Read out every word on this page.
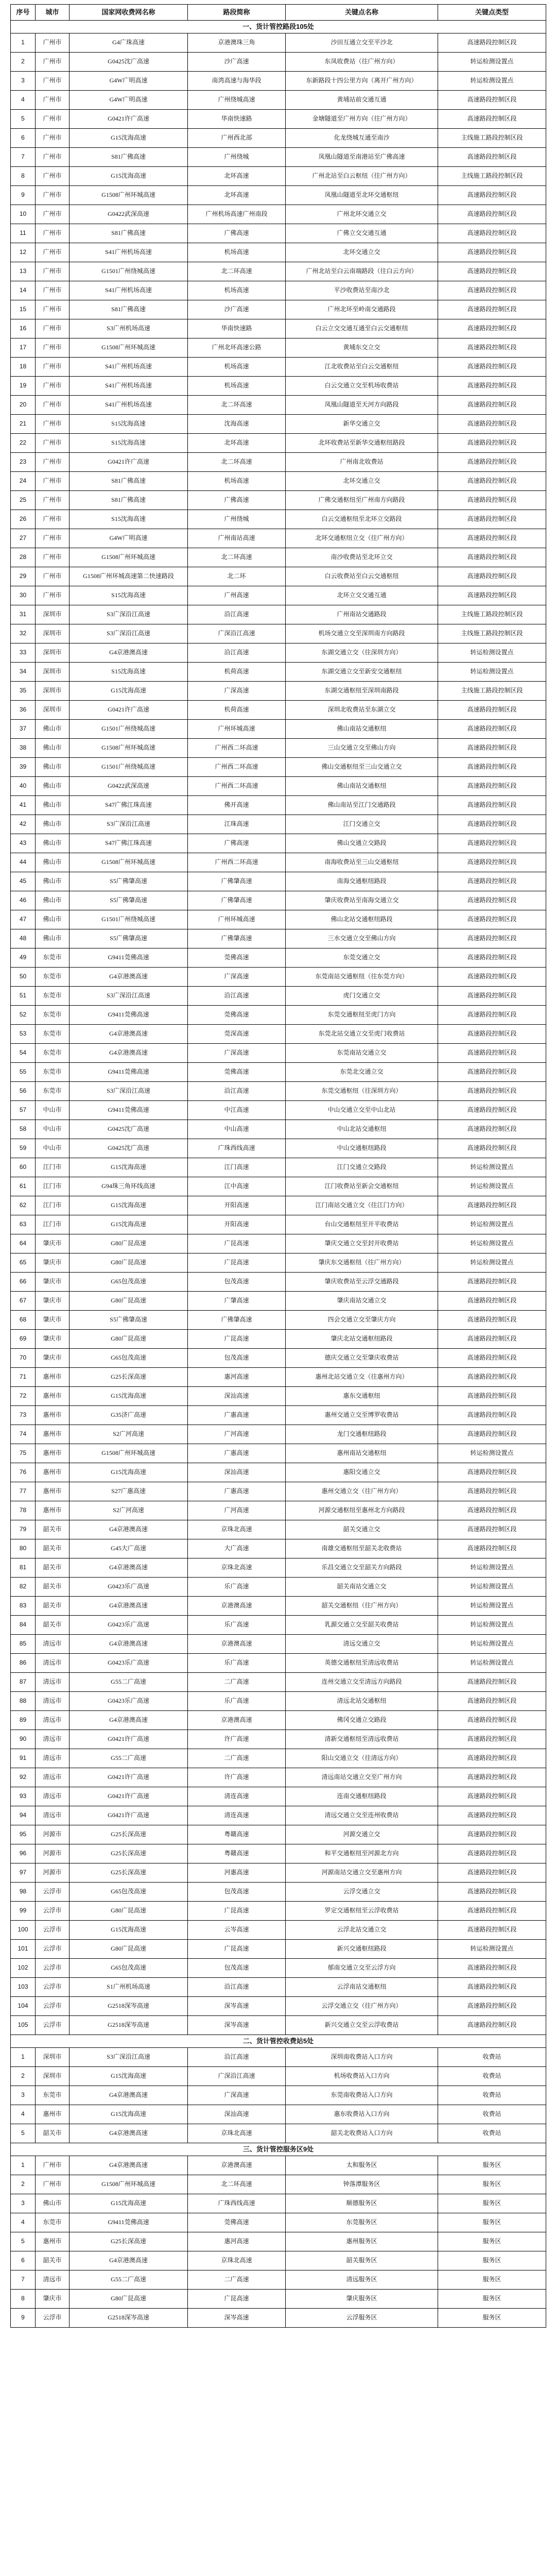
序号	城市	国家网收费网名称	路段简称	关键点名称	关键点类型
一、货计管控路段105处					
1	广州市	G4广珠高速	京港澳珠三角	沙田互通立交至平沙北	高速路段控制区段
2	广州市	G0425沈广高速	沙广高速	东凤收费站（往广州方向）	转运检测设置点
3	广州市	G4W广明高速	南湾高速与海华段	东新路段十四公里方向（离开广州方向）	转运检测设置点
4	广州市	G4W广明高速	广州绕城高速	黄埔站前交通互通	高速路段控制区段
5	广州市	G0421许广高速	华南快速路	金塘隧道至广州方向（往广州方向）	高速路段控制区段
6	广州市	G15沈海高速	广州西北部	化龙绕城互通至南沙	主线施工路段控制区段
7	广州市	S81广佛高速	广州绕城	凤凰山隧道至南港站至广佛高速	高速路段控制区段
8	广州市	G15沈海高速	北环高速	广州北站至白云枢纽（往广州方向）	主线施工路段控制区段
9	广州市	G1508广州环城高速	北环高速	凤凰山隧道至北环交通枢纽	高速路段控制区段
10	广州市	G0422武深高速	广州机场高速广州南段	广州北环交通立交	高速路段控制区段
11	广州市	S81广佛高速	广佛高速	广佛立交交通互通	高速路段控制区段
12	广州市	S41广州机场高速	机场高速	北环交通立交	高速路段控制区段
13	广州市	G1501广州绕城高速	北二环高速	广州北站至白云南端路段（往白云方向）	高速路段控制区段
14	广州市	S41广州机场高速	机场高速	平沙收费站至南沙北	高速路段控制区段
15	广州市	S81广佛高速	沙广高速	广州北环至岭南交通路段	高速路段控制区段
16	广州市	S3广州机场高速	华南快速路	白云立交交通互通至白云交通枢纽	高速路段控制区段
17	广州市	G1508广州环城高速	广州北环高速公路	黄埔东交立交	高速路段控制区段
18	广州市	S41广州机场高速	机场高速	江北收费站至白云交通枢纽	高速路段控制区段
19	广州市	S41广州机场高速	机场高速	白云交通立交至机场收费站	高速路段控制区段
20	广州市	S41广州机场高速	北二环高速	凤凰山隧道至天河方向路段	高速路段控制区段
21	广州市	S15沈海高速	沈海高速	新华交通立交	高速路段控制区段
22	广州市	S15沈海高速	北环高速	北环收费站至新华交通枢纽路段	高速路段控制区段
23	广州市	G0421许广高速	北二环高速	广州南北收费站	高速路段控制区段
24	广州市	S81广佛高速	机场高速	北环交通立交	高速路段控制区段
25	广州市	S81广佛高速	广佛高速	广佛交通枢纽至广州南方向路段	高速路段控制区段
26	广州市	S15沈海高速	广州绕城	白云交通枢纽至北环立交路段	高速路段控制区段
27	广州市	G4W广明高速	广州南站高速	北环交通枢纽立交（往广州方向）	高速路段控制区段
28	广州市	G1508广州环城高速	北二环高速	南沙收费站至北环立交	高速路段控制区段
29	广州市	G1508广州环城高速第二快速路段	北二环	白云收费站至白云交通枢纽	高速路段控制区段
30	广州市	S15沈海高速	广州高速	北环立交交通互通	高速路段控制区段
31	深圳市	S3广深沿江高速	沿江高速	广州南站交通路段	主线施工路段控制区段
32	深圳市	S3广深沿江高速	广深沿江高速	机场交通立交至深圳南方向路段	主线施工路段控制区段
33	深圳市	G4京港澳高速	沿江高速	东湖交通立交（往深圳方向）	转运检测设置点
34	深圳市	S15沈海高速	机荷高速	东湖交通立交至新安交通枢纽	转运检测设置点
35	深圳市	G15沈海高速	广深高速	东湖交通枢纽至深圳南路段	主线施工路段控制区段
36	深圳市	G0421许广高速	机荷高速	深圳北收费站至东湖立交	高速路段控制区段
37	佛山市	G1501广州绕城高速	广州环城高速	佛山南站交通枢纽	高速路段控制区段
38	佛山市	G1508广州环城高速	广州西二环高速	三山交通立交至佛山方向	高速路段控制区段
39	佛山市	G1501广州绕城高速	广州西二环高速	佛山交通枢纽至三山交通立交	高速路段控制区段
40	佛山市	G0422武深高速	广州西二环高速	佛山南站交通枢纽	高速路段控制区段
41	佛山市	S47广佛江珠高速	佛开高速	佛山南站至江门交通路段	高速路段控制区段
42	佛山市	S3广深沿江高速	江珠高速	江门交通立交	高速路段控制区段
43	佛山市	S47广佛江珠高速	广佛高速	佛山交通立交路段	高速路段控制区段
44	佛山市	G1508广州环城高速	广州西二环高速	南海收费站至三山交通枢纽	高速路段控制区段
45	佛山市	S5广佛肇高速	广佛肇高速	南海交通枢纽路段	高速路段控制区段
46	佛山市	S5广佛肇高速	广佛肇高速	肇庆收费站至南海交通立交	高速路段控制区段
47	佛山市	G1501广州绕城高速	广州环城高速	佛山北站交通枢纽路段	高速路段控制区段
48	佛山市	S5广佛肇高速	广佛肇高速	三水交通立交至佛山方向	高速路段控制区段
49	东莞市	G9411莞佛高速	莞佛高速	东莞交通立交	高速路段控制区段
50	东莞市	G4京港澳高速	广深高速	东莞南站交通枢纽（往东莞方向）	高速路段控制区段
51	东莞市	S3广深沿江高速	沿江高速	虎门交通立交	高速路段控制区段
52	东莞市	G9411莞佛高速	莞佛高速	东莞交通枢纽至虎门方向	高速路段控制区段
53	东莞市	G4京港澳高速	莞深高速	东莞北站交通立交至虎门收费站	高速路段控制区段
54	东莞市	G4京港澳高速	广深高速	东莞南站交通立交	高速路段控制区段
55	东莞市	G9411莞佛高速	莞佛高速	东莞北交通立交	高速路段控制区段
56	东莞市	S3广深沿江高速	沿江高速	东莞交通枢纽（往深圳方向）	高速路段控制区段
57	中山市	G9411莞佛高速	中江高速	中山交通立交至中山北站	高速路段控制区段
58	中山市	G0425沈广高速	中山高速	中山北站交通枢纽	高速路段控制区段
59	中山市	G0425沈广高速	广珠西线高速	中山交通枢纽路段	高速路段控制区段
60	江门市	G15沈海高速	江门高速	江门交通立交路段	转运检测设置点
61	江门市	G94珠三角环线高速	江中高速	江门收费站至新会交通枢纽	转运检测设置点
62	江门市	G15沈海高速	开阳高速	江门南站交通立交（往江门方向）	高速路段控制区段
63	江门市	G15沈海高速	开阳高速	台山交通枢纽至开平收费站	转运检测设置点
64	肇庆市	G80广昆高速	广昆高速	肇庆交通立交至封开收费站	转运检测设置点
65	肇庆市	G80广昆高速	广昆高速	肇庆东交通枢纽（往广州方向）	转运检测设置点
66	肇庆市	G65包茂高速	包茂高速	肇庆收费站至云浮交通路段	高速路段控制区段
67	肇庆市	G80广昆高速	广肇高速	肇庆南站交通立交	高速路段控制区段
68	肇庆市	S5广佛肇高速	广佛肇高速	四会交通立交至肇庆方向	高速路段控制区段
69	肇庆市	G80广昆高速	广昆高速	肇庆北站交通枢纽路段	高速路段控制区段
70	肇庆市	G65包茂高速	包茂高速	德庆交通立交至肇庆收费站	高速路段控制区段
71	惠州市	G25长深高速	惠河高速	惠州北站交通立交（往惠州方向）	高速路段控制区段
72	惠州市	G15沈海高速	深汕高速	惠东交通枢纽	高速路段控制区段
73	惠州市	G35济广高速	广惠高速	惠州交通立交至博罗收费站	高速路段控制区段
74	惠州市	S2广河高速	广河高速	龙门交通枢纽路段	高速路段控制区段
75	惠州市	G1508广州环城高速	广惠高速	惠州南站交通枢纽	转运检测设置点
76	惠州市	G15沈海高速	深汕高速	惠阳交通立交	高速路段控制区段
77	惠州市	S27广惠高速	广惠高速	惠州交通立交（往广州方向）	高速路段控制区段
78	惠州市	S2广河高速	广河高速	河源交通枢纽至惠州北方向路段	高速路段控制区段
79	韶关市	G4京港澳高速	京珠北高速	韶关交通立交	高速路段控制区段
80	韶关市	G45大广高速	大广高速	南雄交通枢纽至韶关北收费站	高速路段控制区段
81	韶关市	G4京港澳高速	京珠北高速	乐昌交通立交至韶关方向路段	转运检测设置点
82	韶关市	G0423乐广高速	乐广高速	韶关南站交通立交	转运检测设置点
83	韶关市	G4京港澳高速	京港澳高速	韶关交通枢纽（往广州方向）	转运检测设置点
84	韶关市	G0423乐广高速	乐广高速	乳源交通立交至韶关收费站	转运检测设置点
85	清远市	G4京港澳高速	京港澳高速	清远交通立交	转运检测设置点
86	清远市	G0423乐广高速	乐广高速	英德交通枢纽至清远收费站	转运检测设置点
87	清远市	G55二广高速	二广高速	连州交通立交至清远方向路段	高速路段控制区段
88	清远市	G0423乐广高速	乐广高速	清远北站交通枢纽	高速路段控制区段
89	清远市	G4京港澳高速	京港澳高速	佛冈交通立交路段	高速路段控制区段
90	清远市	G0421许广高速	许广高速	清新交通枢纽至清远收费站	高速路段控制区段
91	清远市	G55二广高速	二广高速	阳山交通立交（往清远方向）	高速路段控制区段
92	清远市	G0421许广高速	许广高速	清远南站交通立交至广州方向	高速路段控制区段
93	清远市	G0421许广高速	清连高速	连南交通枢纽路段	高速路段控制区段
94	清远市	G0421许广高速	清连高速	清远交通立交至连州收费站	高速路段控制区段
95	河源市	G25长深高速	粤赣高速	河源交通立交	高速路段控制区段
96	河源市	G25长深高速	粤赣高速	和平交通枢纽至河源北方向	高速路段控制区段
97	河源市	G25长深高速	河惠高速	河源南站交通立交至惠州方向	高速路段控制区段
98	云浮市	G65包茂高速	包茂高速	云浮交通立交	高速路段控制区段
99	云浮市	G80广昆高速	广昆高速	罗定交通枢纽至云浮收费站	高速路段控制区段
100	云浮市	G15沈海高速	云岑高速	云浮北站交通立交	高速路段控制区段
101	云浮市	G80广昆高速	广昆高速	新兴交通枢纽路段	转运检测设置点
102	云浮市	G65包茂高速	包茂高速	郁南交通立交至云浮方向	高速路段控制区段
103	云浮市	S1广州机场高速	沿江高速	云浮南站交通枢纽	高速路段控制区段
104	云浮市	G2518深岑高速	深岑高速	云浮交通立交（往广州方向）	高速路段控制区段
105	云浮市	G2518深岑高速	深岑高速	新兴交通立交至云浮收费站	高速路段控制区段
二、货计管控收费站5处					
1	深圳市	S3广深沿江高速	沿江高速	深圳南收费站入口方向	收费站
2	深圳市	G15沈海高速	广深沿江高速	机场收费站入口方向	收费站
3	东莞市	G4京港澳高速	广深高速	东莞南收费站入口方向	收费站
4	惠州市	G15沈海高速	深汕高速	惠东收费站入口方向	收费站
5	韶关市	G4京港澳高速	京珠北高速	韶关北收费站入口方向	收费站
三、货计管控服务区9处					
1	广州市	G4京港澳高速	京港澳高速	太和服务区	服务区
2	广州市	G1508广州环城高速	北二环高速	钟落潭服务区	服务区
3	佛山市	G15沈海高速	广珠西线高速	顺德服务区	服务区
4	东莞市	G9411莞佛高速	莞佛高速	东莞服务区	服务区
5	惠州市	G25长深高速	惠河高速	惠州服务区	服务区
6	韶关市	G4京港澳高速	京珠北高速	韶关服务区	服务区
7	清远市	G55二广高速	二广高速	清远服务区	服务区
8	肇庆市	G80广昆高速	广昆高速	肇庆服务区	服务区
9	云浮市	G2518深岑高速	深岑高速	云浮服务区	服务区
